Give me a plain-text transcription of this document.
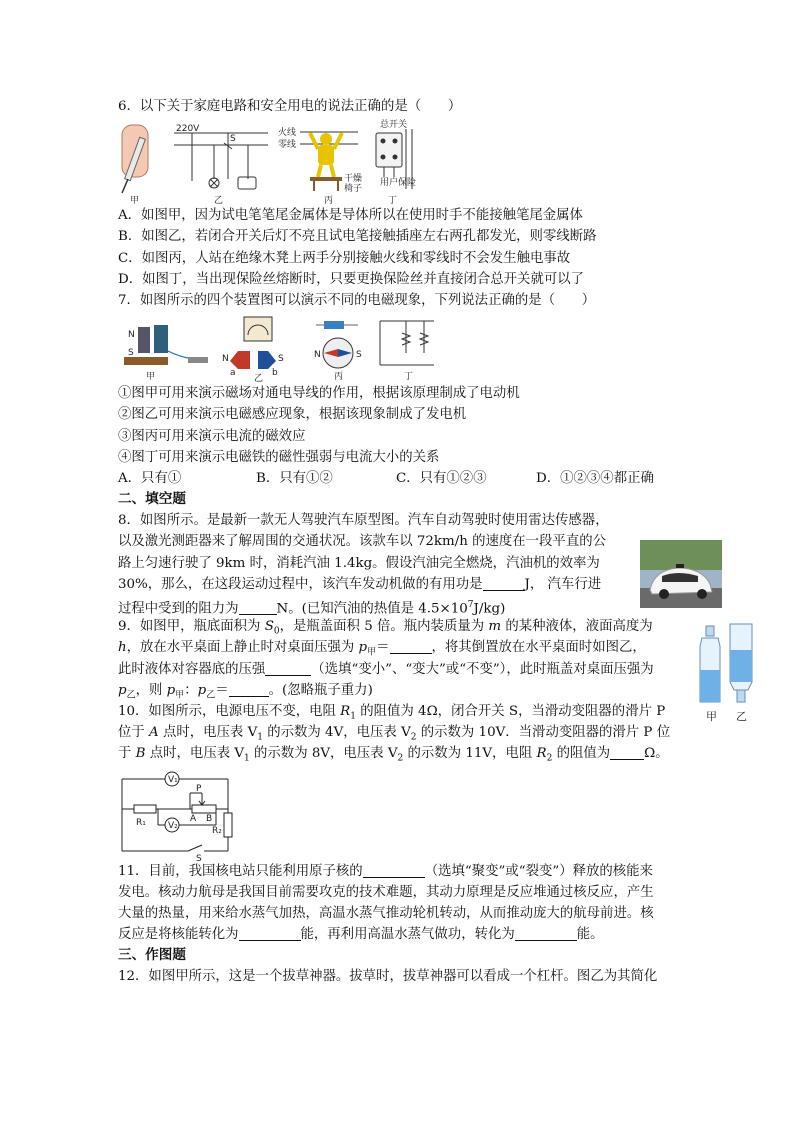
6．以下关于家庭电路和安全用电的说法正确的是（　　）
甲
220V
S
乙
火线
零线
干燥
椅子
丙
总开关
用户保险
丁
A．如图甲，因为试电笔笔尾金属体是导体所以在使用时手不能接触笔尾金属体
B．如图乙，若闭合开关后灯不亮且试电笔接触插座左右两孔都发光，则零线断路
C．如图丙，人站在绝缘木凳上两手分别接触火线和零线时不会发生触电事故
D．如图丁，当出现保险丝熔断时，只要更换保险丝并直接闭合总开关就可以了
7．如图所示的四个装置图可以演示不同的电磁现象，下列说法正确的是（　　）
N
S
甲
N	S
a	b
乙
N	S
丙	丁
①图甲可用来演示磁场对通电导线的作用，根据该原理制成了电动机
②图乙可用来演示电磁感应现象，根据该现象制成了发电机
③图丙可用来演示电流的磁效应
④图丁可用来演示电磁铁的磁性强弱与电流大小的关系
A．只有①	B．只有①②	C．只有①②③	D．①②③④都正确
二、填空题
8．如图所示。是最新一款无人驾驶汽车原型图。汽车自动驾驶时使用雷达传感器，
以及激光测距器来了解周围的交通状况。该款车以 72km/h 的速度在一段平直的公
路上匀速行驶了 9km 时，消耗汽油 1.4kg。假设汽油完全燃烧，汽油机的效率为
30%，那么，在这段运动过程中，该汽车发动机做的有用功是	J， 汽车行进
过程中受到的阻力为	N。(已知汽油的热值是 $4.5\times 10^7J/kg$)
9．如图甲，瓶底面积为 $S_0$，是瓶盖面积 5 倍。瓶内装质量为 m 的某种液体，液面高度为
h，放在水平桌面上静止时对桌面压强为 $p_甲=$	，将其倒置放在水平桌面时如图乙，
此时液体对容器底的压强	（选填“变小”、“变大”或“不变”），此时瓶盖对桌面压强为
$p_乙$，则 $p_甲$：$p_乙=$	。(忽略瓶子重力)
10．如图所示，电源电压不变，电阻 $R_1$ 的阻值为 4Ω，闭合开关 S，当滑动变阻器的滑片 P
位于 A 点时，电压表 $V_1$ 的示数为 4V，电压表 $V_2$ 的示数为 10V．当滑动变阻器的滑片 P 位
于 B 点时，电压表 $V_1$ 的示数为 8V，电压表 $V_2$ 的示数为 11V，电阻 $R_2$ 的阻值为	Ω。
V₁
V₂
P
R₁
R₂
A B
S
11．目前，我国核电站只能利用原子核的	（选填“聚变”或“裂变”）释放的核能来
发电。核动力航母是我国目前需要攻克的技术难题，其动力原理是反应堆通过核反应，产生
大量的热量，用来给水蒸气加热，高温水蒸气推动轮机转动，从而推动庞大的航母前进。核
反应是将核能转化为	能，再利用高温水蒸气做功，转化为	能。
三、作图题
12．如图甲所示，这是一个拔草神器。拔草时，拔草神器可以看成一个杠杆。图乙为其简化
甲 乙
